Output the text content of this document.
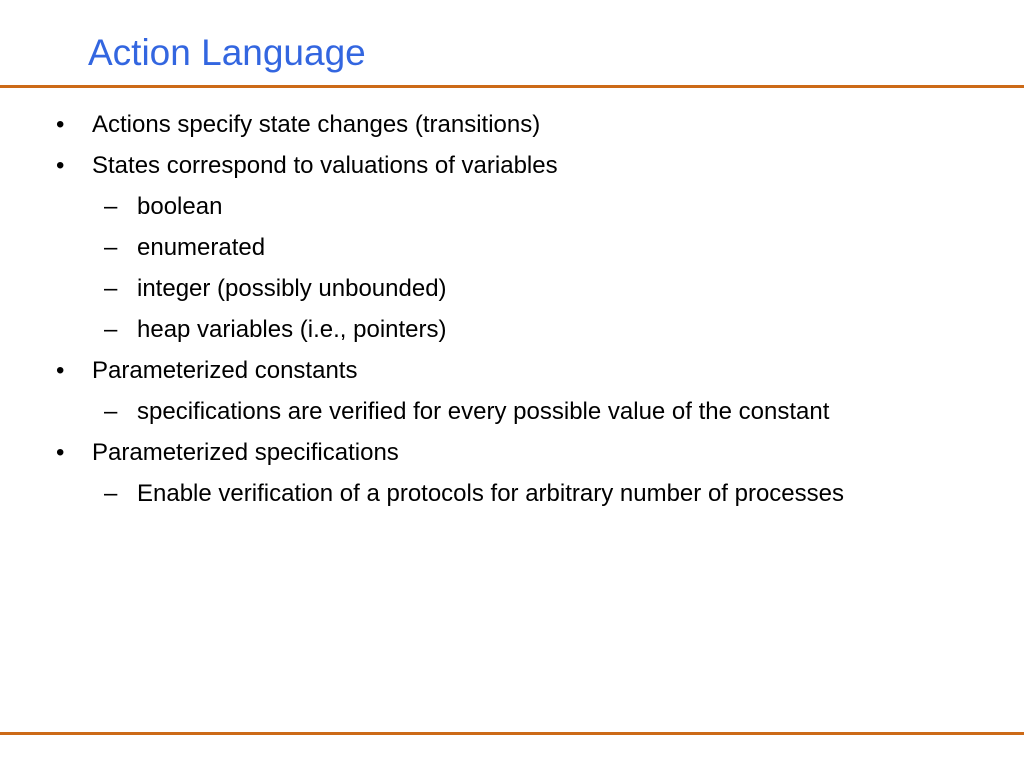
Action Language
• Actions specify state changes (transitions)
• States correspond to valuations of variables
– boolean
– enumerated
– integer (possibly unbounded)
– heap variables (i.e., pointers)
• Parameterized constants
– specifications are verified for every possible value of the constant
• Parameterized specifications
– Enable verification of a protocols for arbitrary number of processes
